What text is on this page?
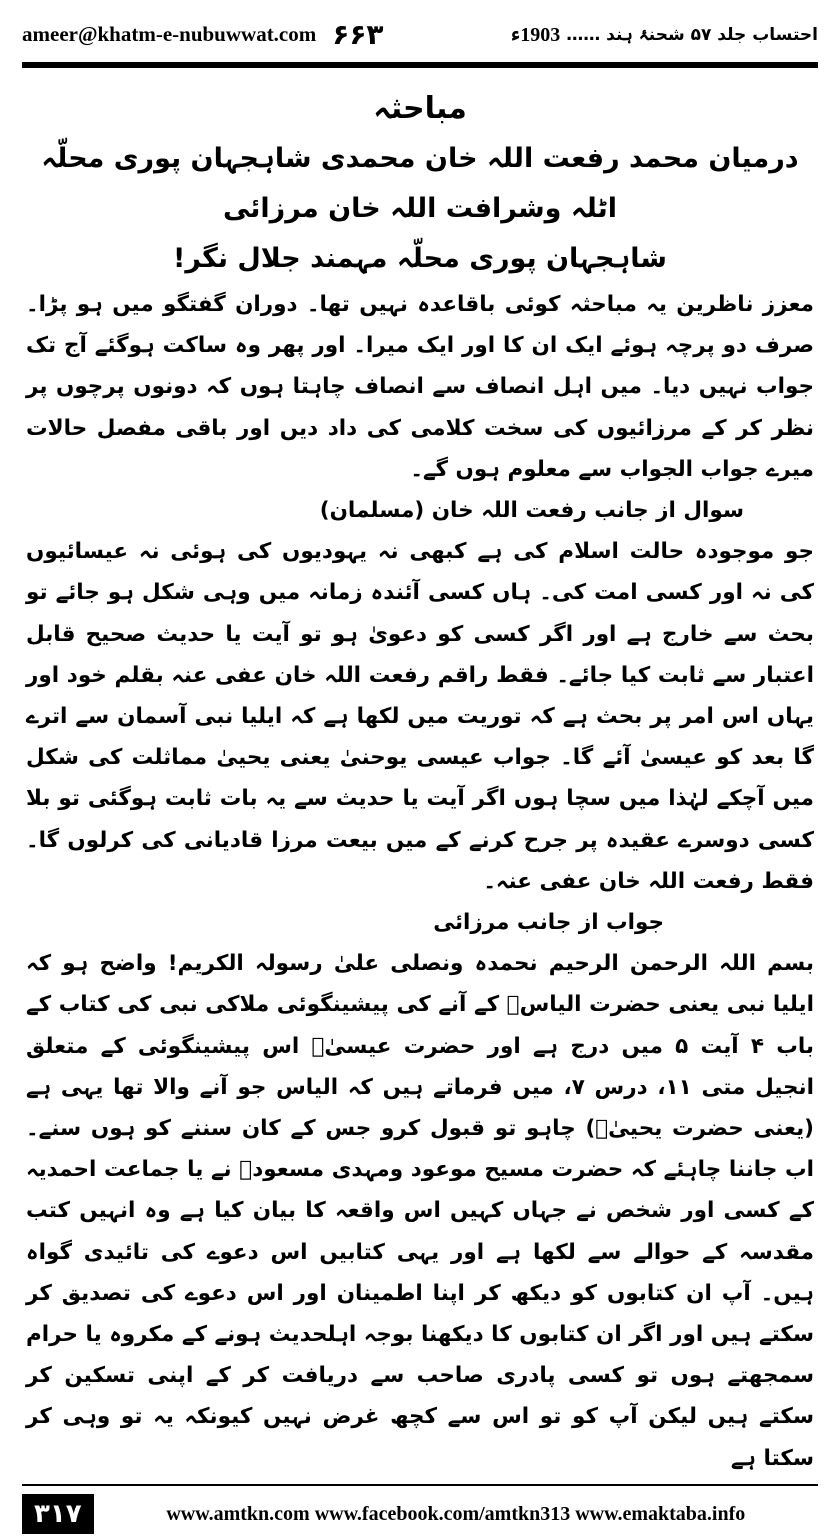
ameer@khatm-e-nubuwwat.com ۶۶۳	احتساب جلد ۵۷ شحنۂ ہند ……
1903ء

مباحثہ

درمیان محمد رفعت اللہ خان محمدی شاہجہان پوری محلّہ اٹلہ وشرافت اللہ خان مرزائی

شاہجہان پوری محلّہ مہمند جلال نگر!

معزز ناظرین یہ مباحثہ کوئی باقاعدہ نہیں تھا۔ دوران گفتگو میں ہو پڑا۔ صرف دو پرچہ ہوئے ایک ان کا اور ایک میرا۔ اور پھر وہ ساکت ہوگئے آج تک جواب نہیں دیا۔ میں اہل انصاف سے انصاف چاہتا ہوں کہ دونوں پرچوں پر نظر کر کے مرزائیوں کی سخت کلامی کی داد دیں اور باقی مفصل حالات میرے جواب الجواب سے معلوم ہوں گے۔

سوال از جانب رفعت اللہ خان (مسلمان)

جو موجودہ حالت اسلام کی ہے کبھی نہ یہودیوں کی ہوئی نہ عیسائیوں کی نہ اور کسی امت کی۔ ہاں کسی آئندہ زمانہ میں وہی شکل ہو جائے تو بحث سے خارج ہے اور اگر کسی کو دعویٰ ہو تو آیت یا حدیث صحیح قابل اعتبار سے ثابت کیا جائے۔ فقط راقم رفعت اللہ خان عفی عنہ بقلم خود اور یہاں اس امر پر بحث ہے کہ توریت میں لکھا ہے کہ ایلیا نبی آسمان سے اترے گا بعد کو عیسیٰ آئے گا۔ جواب عیسی یوحنیٰ یعنی یحییٰ مماثلت کی شکل میں آچکے لہٰذا میں سچا ہوں اگر آیت یا حدیث سے یہ بات ثابت ہوگئی تو بلا کسی دوسرے عقیدہ پر جرح کرنے کے میں بیعت مرزا قادیانی کی کرلوں گا۔ فقط رفعت اللہ خان عفی عنہ۔

جواب از جانب مرزائی

بسم اللہ الرحمن الرحیم نحمدہ ونصلی علیٰ رسولہ الکریم! واضح ہو کہ ایلیا نبی یعنی حضرت الیاسؑ کے آنے کی پیشینگوئی ملاکی نبی کی کتاب کے باب ۴ آیت ۵ میں درج ہے اور حضرت عیسیٰؑ اس پیشینگوئی کے متعلق انجیل متی ۱۱، درس ۷، میں فرماتے ہیں کہ الیاس جو آنے والا تھا یہی ہے (یعنی حضرت یحییٰؑ) چاہو تو قبول کرو جس کے کان سننے کو ہوں سنے۔ اب جاننا چاہئے کہ حضرت مسیح موعود ومہدی مسعودؑ نے یا جماعت احمدیہ کے کسی اور شخص نے جہاں کہیں اس واقعہ کا بیان کیا ہے وہ انہیں کتب مقدسہ کے حوالے سے لکھا ہے اور یہی کتابیں اس دعوے کی تائیدی گواہ ہیں۔ آپ ان کتابوں کو دیکھ کر اپنا اطمینان اور اس دعوے کی تصدیق کر سکتے ہیں اور اگر ان کتابوں کا دیکھنا بوجہ اہلحدیث ہونے کے مکروہ یا حرام سمجھتے ہوں تو کسی پادری صاحب سے دریافت کر کے اپنی تسکین کر سکتے ہیں لیکن آپ کو تو اس سے کچھ غرض نہیں کیونکہ یہ تو وہی کر سکتا ہے

۳۱۷	www.amtkn.com www.facebook.com/amtkn313 www.emaktaba.info
